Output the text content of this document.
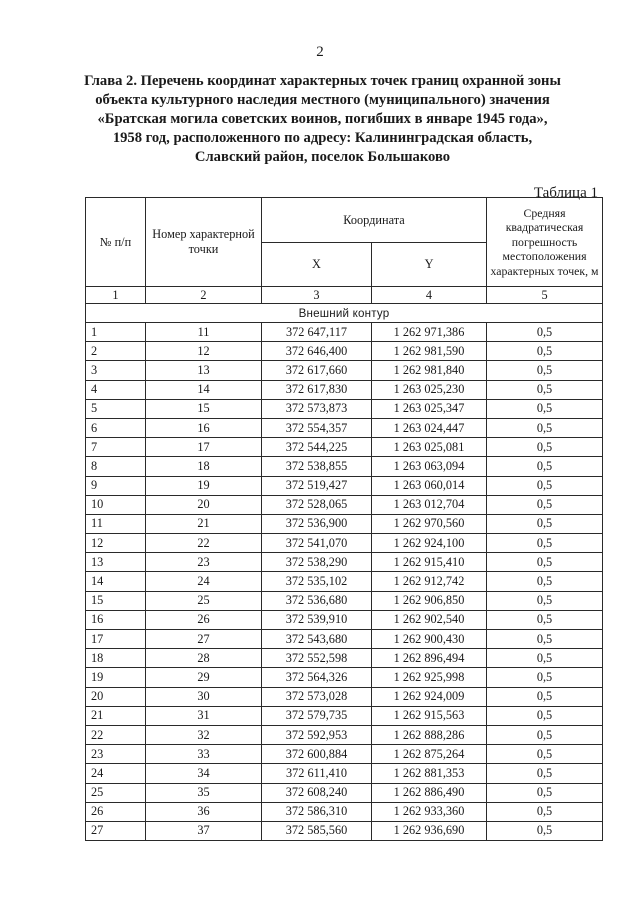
2
Глава 2. Перечень координат характерных точек границ охранной зоны
объекта культурного наследия местного (муниципального) значения
«Братская могила советских воинов, погибших в январе 1945 года»,
1958 год, расположенного по адресу: Калининградская область,
Славский район, поселок Большаково
Таблица 1
№ п/п	Номер характерной точки	Координата		Средняя квадратическая погрешность местоположения характерных точек, м
		X	Y	
1	2	3	4	5
Внешний контур				
1	11	372 647,117	1 262 971,386	0,5
2	12	372 646,400	1 262 981,590	0,5
3	13	372 617,660	1 262 981,840	0,5
4	14	372 617,830	1 263 025,230	0,5
5	15	372 573,873	1 263 025,347	0,5
6	16	372 554,357	1 263 024,447	0,5
7	17	372 544,225	1 263 025,081	0,5
8	18	372 538,855	1 263 063,094	0,5
9	19	372 519,427	1 263 060,014	0,5
10	20	372 528,065	1 263 012,704	0,5
11	21	372 536,900	1 262 970,560	0,5
12	22	372 541,070	1 262 924,100	0,5
13	23	372 538,290	1 262 915,410	0,5
14	24	372 535,102	1 262 912,742	0,5
15	25	372 536,680	1 262 906,850	0,5
16	26	372 539,910	1 262 902,540	0,5
17	27	372 543,680	1 262 900,430	0,5
18	28	372 552,598	1 262 896,494	0,5
19	29	372 564,326	1 262 925,998	0,5
20	30	372 573,028	1 262 924,009	0,5
21	31	372 579,735	1 262 915,563	0,5
22	32	372 592,953	1 262 888,286	0,5
23	33	372 600,884	1 262 875,264	0,5
24	34	372 611,410	1 262 881,353	0,5
25	35	372 608,240	1 262 886,490	0,5
26	36	372 586,310	1 262 933,360	0,5
27	37	372 585,560	1 262 936,690	0,5
